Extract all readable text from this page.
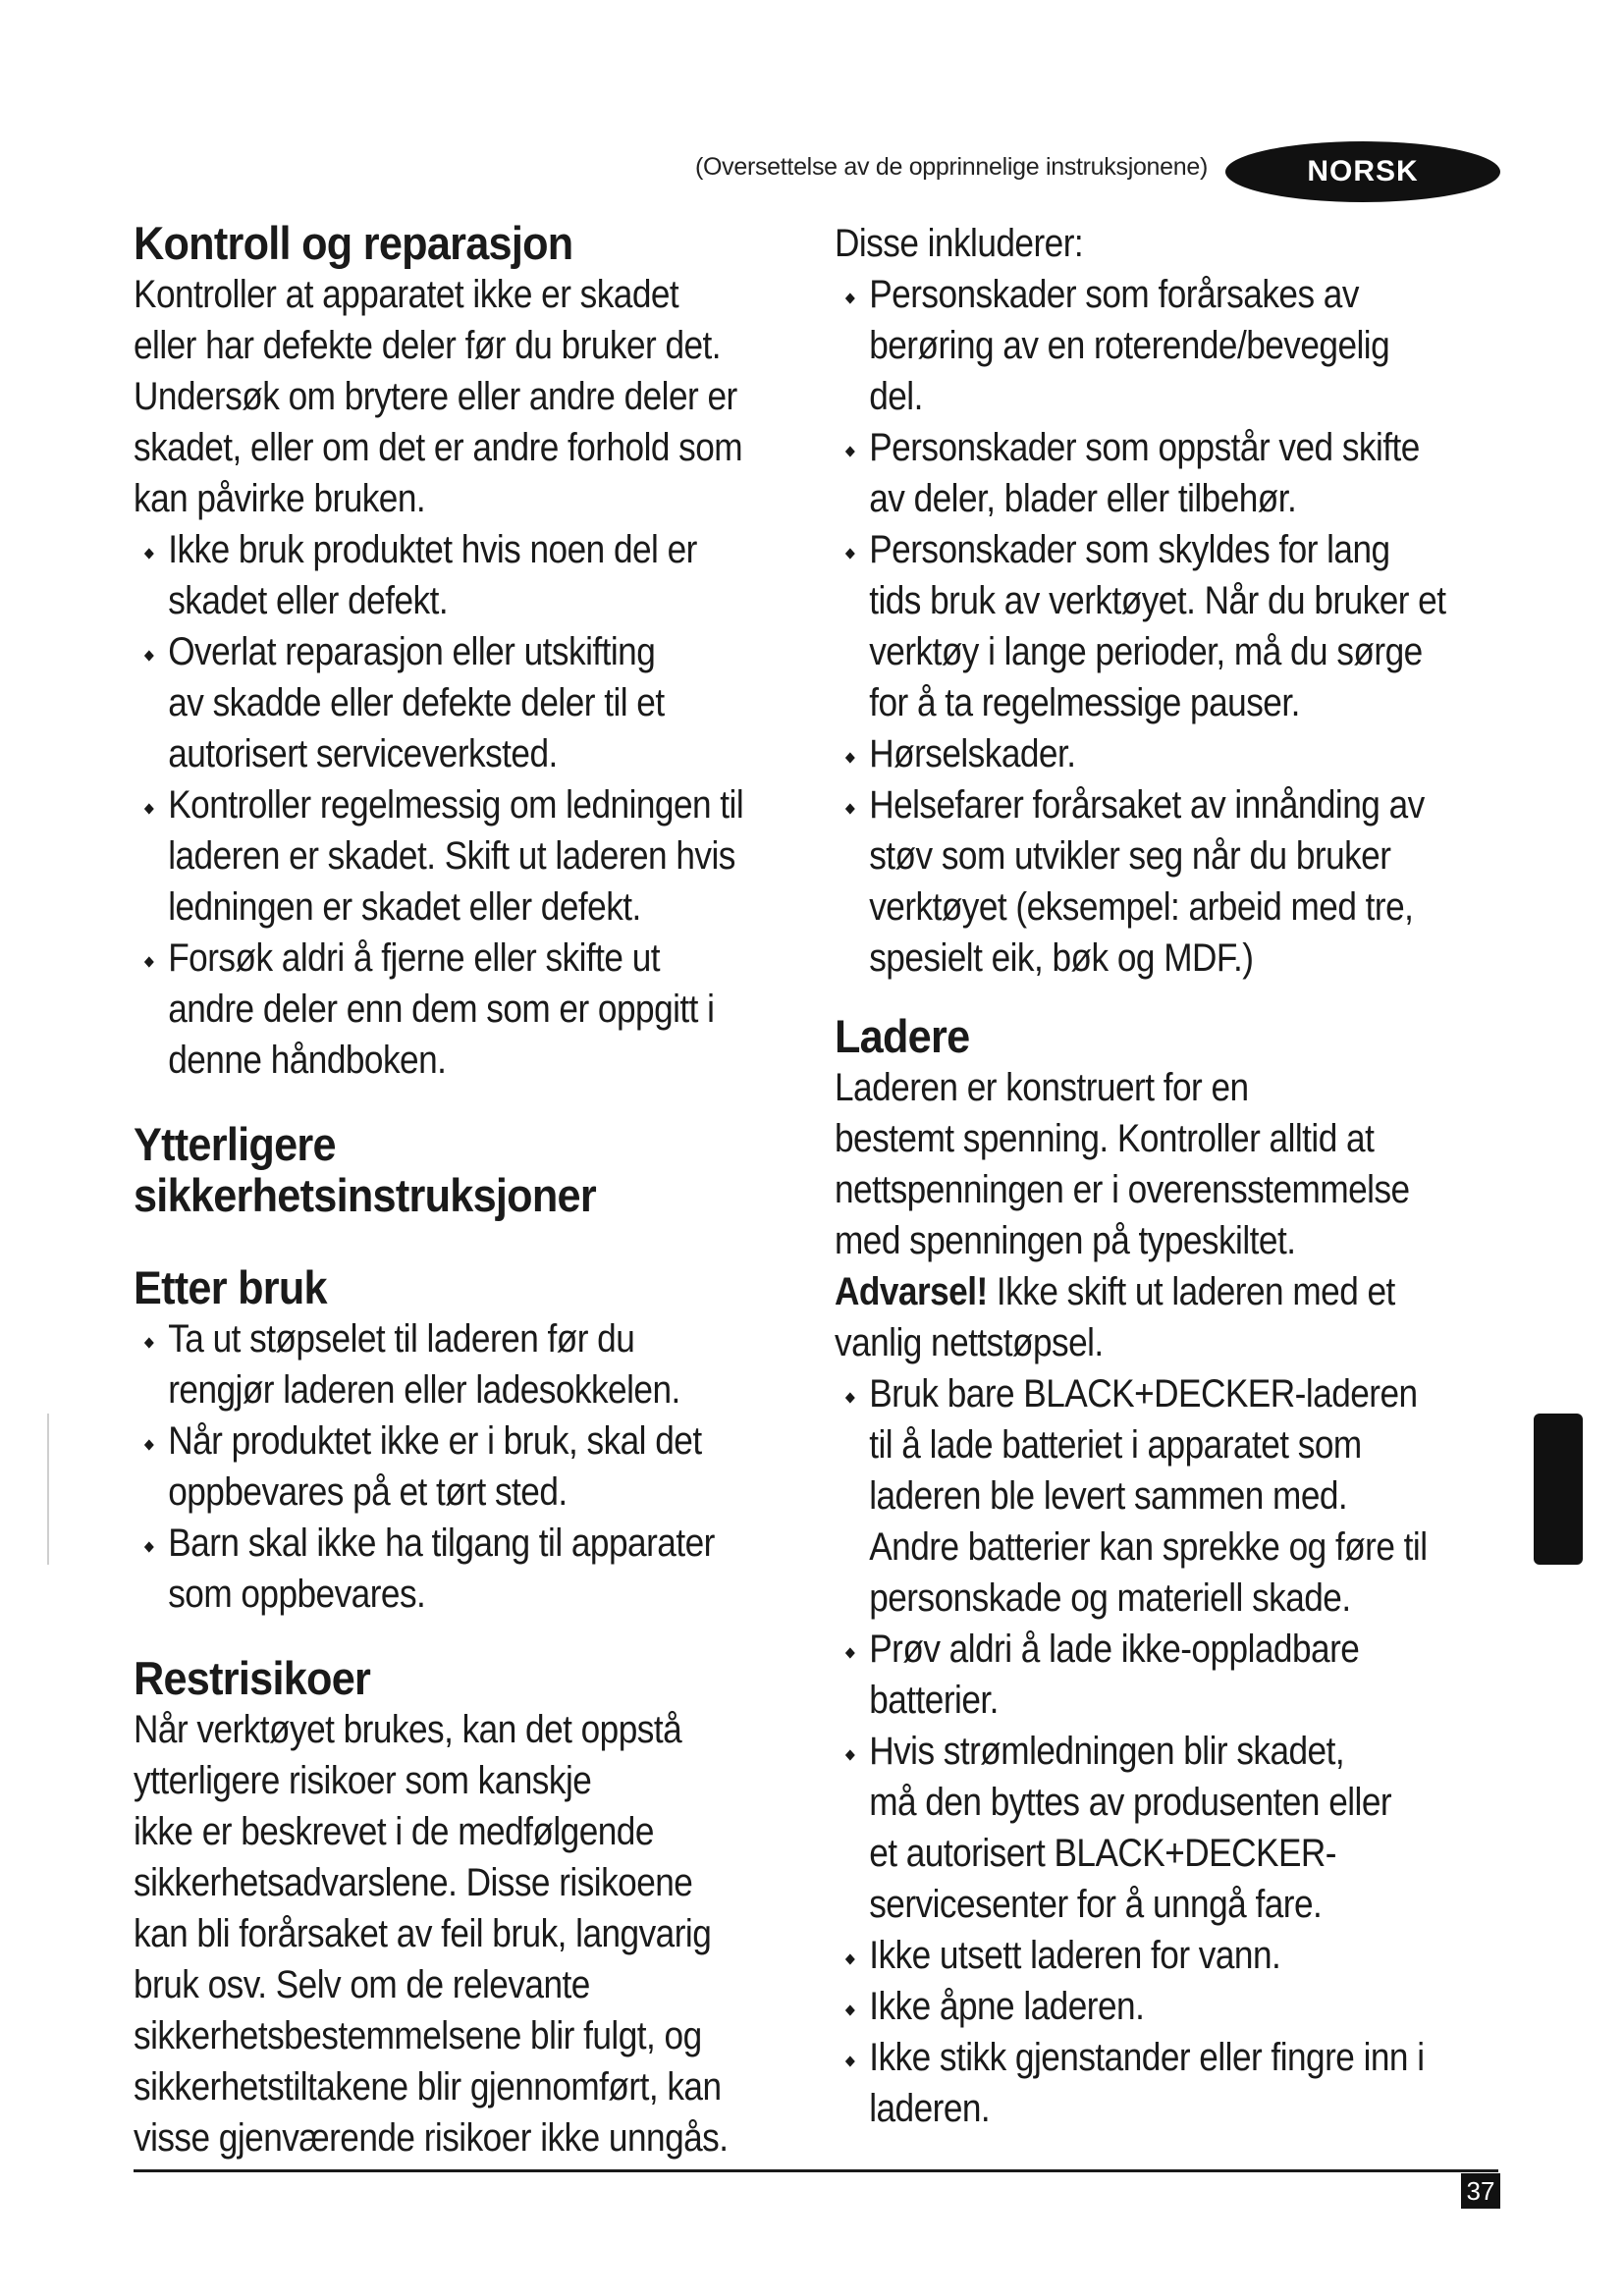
(Oversettelse av de opprinnelige instruksjonene)	NORSK
Kontroll og reparasjon

Kontroller at apparatet ikke er skadet

eller har defekte deler før du bruker det.

Undersøk om brytere eller andre deler er

skadet, eller om det er andre forhold som

kan påvirke bruken.

Ikke bruk produktet hvis noen del er
skadet eller defekt.
Overlat reparasjon eller utskifting
av skadde eller defekte deler til et
autorisert serviceverksted.
Kontroller regelmessig om ledningen til
laderen er skadet. Skift ut laderen hvis
ledningen er skadet eller defekt.
Forsøk aldri å fjerne eller skifte ut
andre deler enn dem som er oppgitt i
denne håndboken.
Ytterligere
sikkerhetsinstruksjoner
Etter bruk
Ta ut støpselet til laderen før du
rengjør laderen eller ladesokkelen.
Når produktet ikke er i bruk, skal det
oppbevares på et tørt sted.
Barn skal ikke ha tilgang til apparater
som oppbevares.
Restrisikoer

Når verktøyet brukes, kan det oppstå

ytterligere risikoer som kanskje

ikke er beskrevet i de medfølgende

sikkerhetsadvarslene. Disse risikoene

kan bli forårsaket av feil bruk, langvarig

bruk osv. Selv om de relevante

sikkerhetsbestemmelsene blir fulgt, og

sikkerhetstiltakene blir gjennomført, kan

visse gjenværende risikoer ikke unngås.

Disse inkluderer:

Personskader som forårsakes av
berøring av en roterende/bevegelig
del.
Personskader som oppstår ved skifte
av deler, blader eller tilbehør.
Personskader som skyldes for lang
tids bruk av verktøyet. Når du bruker et
verktøy i lange perioder, må du sørge
for å ta regelmessige pauser.
Hørselskader.
Helsefarer forårsaket av innånding av
støv som utvikler seg når du bruker
verktøyet (eksempel: arbeid med tre,
spesielt eik, bøk og MDF.)
Ladere

Laderen er konstruert for en

bestemt spenning. Kontroller alltid at

nettspenningen er i overensstemmelse

med spenningen på typeskiltet.

Advarsel! Ikke skift ut laderen med et

vanlig nettstøpsel.

Bruk bare BLACK+DECKER-laderen
til å lade batteriet i apparatet som
laderen ble levert sammen med.
Andre batterier kan sprekke og føre til
personskade og materiell skade.
Prøv aldri å lade ikke-oppladbare
batterier.
Hvis strømledningen blir skadet,
må den byttes av produsenten eller
et autorisert BLACK+DECKER-
servicesenter for å unngå fare.
Ikke utsett laderen for vann.
Ikke åpne laderen.
Ikke stikk gjenstander eller fingre inn i
laderen.
37
